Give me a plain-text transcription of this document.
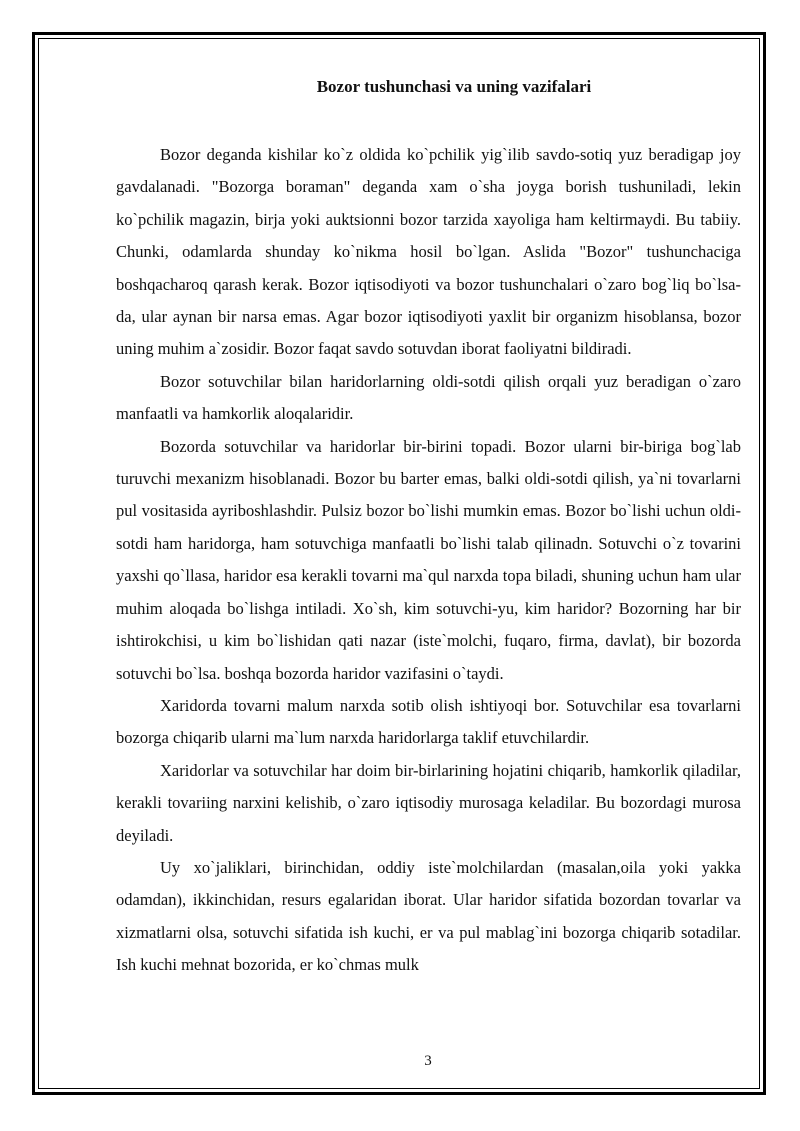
Bozor tushunchasi va uning vazifalari

Bozor deganda kishilar ko`z oldida ko`pchilik yig`ilib savdo-sotiq yuz beradigap joy gavdalanadi. "Bozorga boraman" deganda xam o`sha joyga borish tushuniladi, lekin ko`pchilik magazin, birja yoki auktsionni bozor tarzida xayoliga ham keltirmaydi. Bu tabiiy. Chunki, odamlarda shunday ko`nikma hosil bo`lgan. Aslida "Bozor" tushunchaciga boshqacharoq qarash kerak. Bozor iqtisodiyoti va bozor tushunchalari o`zaro bog`liq bo`lsa-da, ular aynan bir narsa emas. Agar bozor iqtisodiyoti yaxlit bir organizm hisoblansa, bozor uning muhim a`zosidir. Bozor faqat savdo sotuvdan iborat faoliyatni bildiradi.

Bozor sotuvchilar bilan haridorlarning oldi-sotdi qilish orqali yuz beradigan o`zaro manfaatli va hamkorlik aloqalaridir.

Bozorda sotuvchilar va haridorlar bir-birini topadi. Bozor ularni bir-biriga bog`lab turuvchi mexanizm hisoblanadi. Bozor bu barter emas, balki oldi-sotdi qilish, ya`ni tovarlarni pul vositasida ayriboshlashdir. Pulsiz bozor bo`lishi mumkin emas. Bozor bo`lishi uchun oldi-sotdi ham haridorga, ham sotuvchiga manfaatli bo`lishi talab qilinadn. Sotuvchi o`z tovarini yaxshi qo`llasa, haridor esa kerakli tovarni ma`qul narxda topa biladi, shuning uchun ham ular muhim aloqada bo`lishga intiladi. Xo`sh, kim sotuvchi-yu, kim haridor? Bozorning har bir ishtirokchisi, u kim bo`lishidan qati nazar (iste`molchi, fuqaro, firma, davlat), bir bozorda sotuvchi bo`lsa. boshqa bozorda haridor vazifasini o`taydi.

Xaridorda tovarni malum narxda sotib olish ishtiyoqi bor. Sotuvchilar esa tovarlarni bozorga chiqarib ularni ma`lum narxda haridorlarga taklif etuvchilardir.

Xaridorlar va sotuvchilar har doim bir-birlarining hojatini chiqarib, hamkorlik qiladilar, kerakli tovariing narxini kelishib, o`zaro iqtisodiy murosaga keladilar. Bu bozordagi murosa deyiladi.

Uy xo`jaliklari, birinchidan, oddiy iste`molchilardan (masalan,oila yoki yakka odamdan), ikkinchidan, resurs egalaridan iborat. Ular haridor sifatida bozordan tovarlar va xizmatlarni olsa, sotuvchi sifatida ish kuchi, er va pul mablag`ini bozorga chiqarib sotadilar. Ish kuchi mehnat bozorida, er ko`chmas mulk

3
